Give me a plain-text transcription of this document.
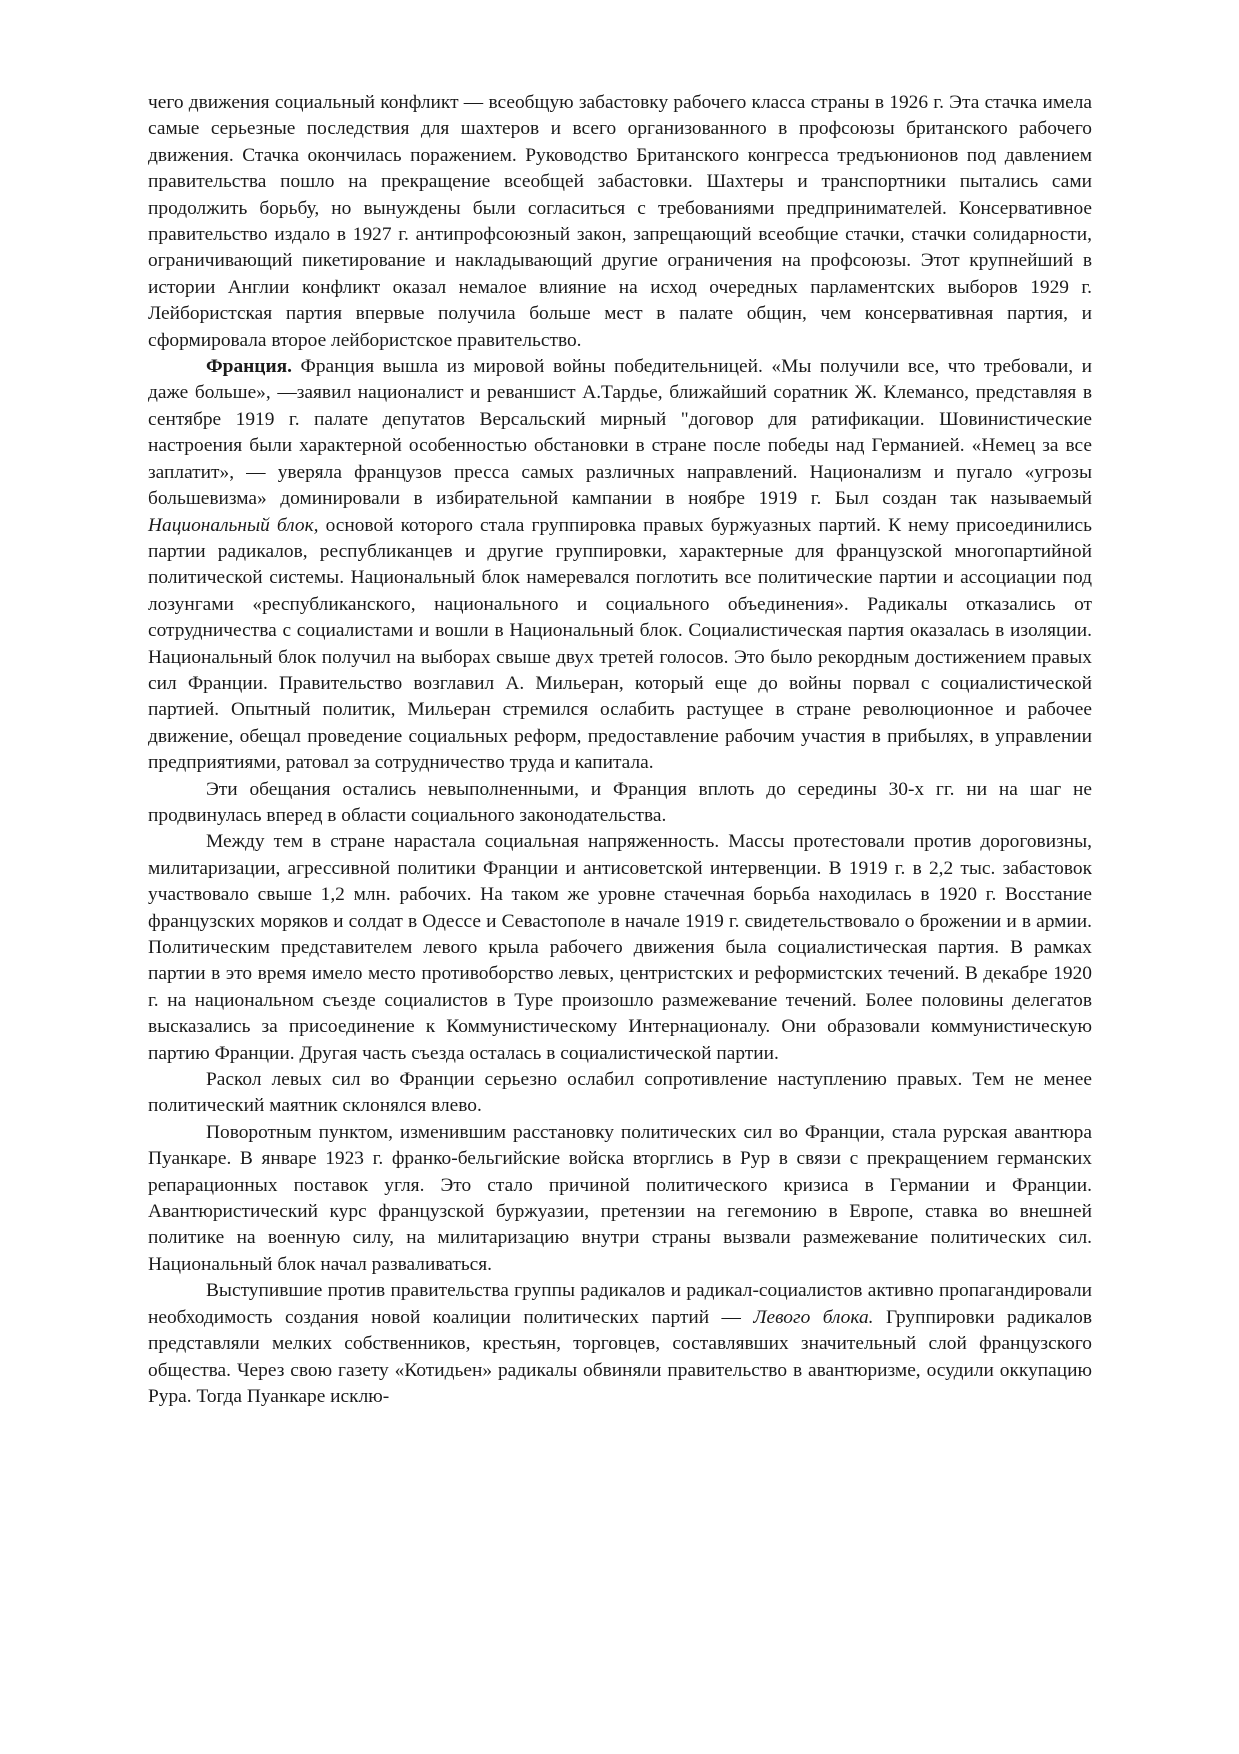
чего движения социальный конфликт — всеобщую забастовку рабочего класса страны в 1926 г. Эта стачка имела самые серьезные последствия для шахтеров и всего организованного в профсоюзы британского рабочего движения. Стачка окончилась поражением. Руководство Британского конгресса тредъюнионов под давлением правительства пошло на прекращение всеобщей забастовки. Шахтеры и транспортники пытались сами продолжить борьбу, но вынуждены были согласиться с требованиями предпринимателей. Консервативное правительство издало в 1927 г. антипрофсоюзный закон, запрещающий всеобщие стачки, стачки солидарности, ограничивающий пикетирование и накладывающий другие ограничения на профсоюзы. Этот крупнейший в истории Англии конфликт оказал немалое влияние на исход очередных парламентских выборов 1929 г. Лейбористская партия впервые получила больше мест в палате общин, чем консервативная партия, и сформировала второе лейбористское правительство.

Франция. Франция вышла из мировой войны победительницей. «Мы получили все, что требовали, и даже больше», —заявил националист и реваншист А.Тардье, ближайший соратник Ж. Клемансо, представляя в сентябре 1919 г. палате депутатов Версальский мирный "договор для ратификации. Шовинистические настроения были характерной особенностью обстановки в стране после победы над Германией. «Немец за все заплатит», — уверяла французов пресса самых различных направлений. Национализм и пугало «угрозы большевизма» доминировали в избирательной кампании в ноябре 1919 г. Был создан так называемый Национальный блок, основой которого стала группировка правых буржуазных партий. К нему присоединились партии радикалов, республиканцев и другие группировки, характерные для французской многопартийной политической системы. Национальный блок намеревался поглотить все политические партии и ассоциации под лозунгами «республиканского, национального и социального объединения». Радикалы отказались от сотрудничества с социалистами и вошли в Национальный блок. Социалистическая партия оказалась в изоляции. Национальный блок получил на выборах свыше двух третей голосов. Это было рекордным достижением правых сил Франции. Правительство возглавил А. Мильеран, который еще до войны порвал с социалистической партией. Опытный политик, Мильеран стремился ослабить растущее в стране революционное и рабочее движение, обещал проведение социальных реформ, предоставление рабочим участия в прибылях, в управлении предприятиями, ратовал за сотрудничество труда и капитала.

Эти обещания остались невыполненными, и Франция вплоть до середины 30-х гг. ни на шаг не продвинулась вперед в области социального законодательства.

Между тем в стране нарастала социальная напряженность. Массы протестовали против дороговизны, милитаризации, агрессивной политики Франции и антисоветской интервенции. В 1919 г. в 2,2 тыс. забастовок участвовало свыше 1,2 млн. рабочих. На таком же уровне стачечная борьба находилась в 1920 г. Восстание французских моряков и солдат в Одессе и Севастополе в начале 1919 г. свидетельствовало о брожении и в армии. Политическим представителем левого крыла рабочего движения была социалистическая партия. В рамках партии в это время имело место противоборство левых, центристских и реформистских течений. В декабре 1920 г. на национальном съезде социалистов в Туре произошло размежевание течений. Более половины делегатов высказались за присоединение к Коммунистическому Интернационалу. Они образовали коммунистическую партию Франции. Другая часть съезда осталась в социалистической партии.

Раскол левых сил во Франции серьезно ослабил сопротивление наступлению правых. Тем не менее политический маятник склонялся влево.

Поворотным пунктом, изменившим расстановку политических сил во Франции, стала рурская авантюра Пуанкаре. В январе 1923 г. франко-бельгийские войска вторглись в Рур в связи с прекращением германских репарационных поставок угля. Это стало причиной политического кризиса в Германии и Франции. Авантюристический курс французской буржуазии, претензии на гегемонию в Европе, ставка во внешней политике на военную силу, на милитаризацию внутри страны вызвали размежевание политических сил. Национальный блок начал разваливаться.

Выступившие против правительства группы радикалов и радикал-социалистов активно пропагандировали необходимость создания новой коалиции политических партий — Левого блока. Группировки радикалов представляли мелких собственников, крестьян, торговцев, составлявших значительный слой французского общества. Через свою газету «Котидьен» радикалы обвиняли правительство в авантюризме, осудили оккупацию Рура. Тогда Пуанкаре исклю-
